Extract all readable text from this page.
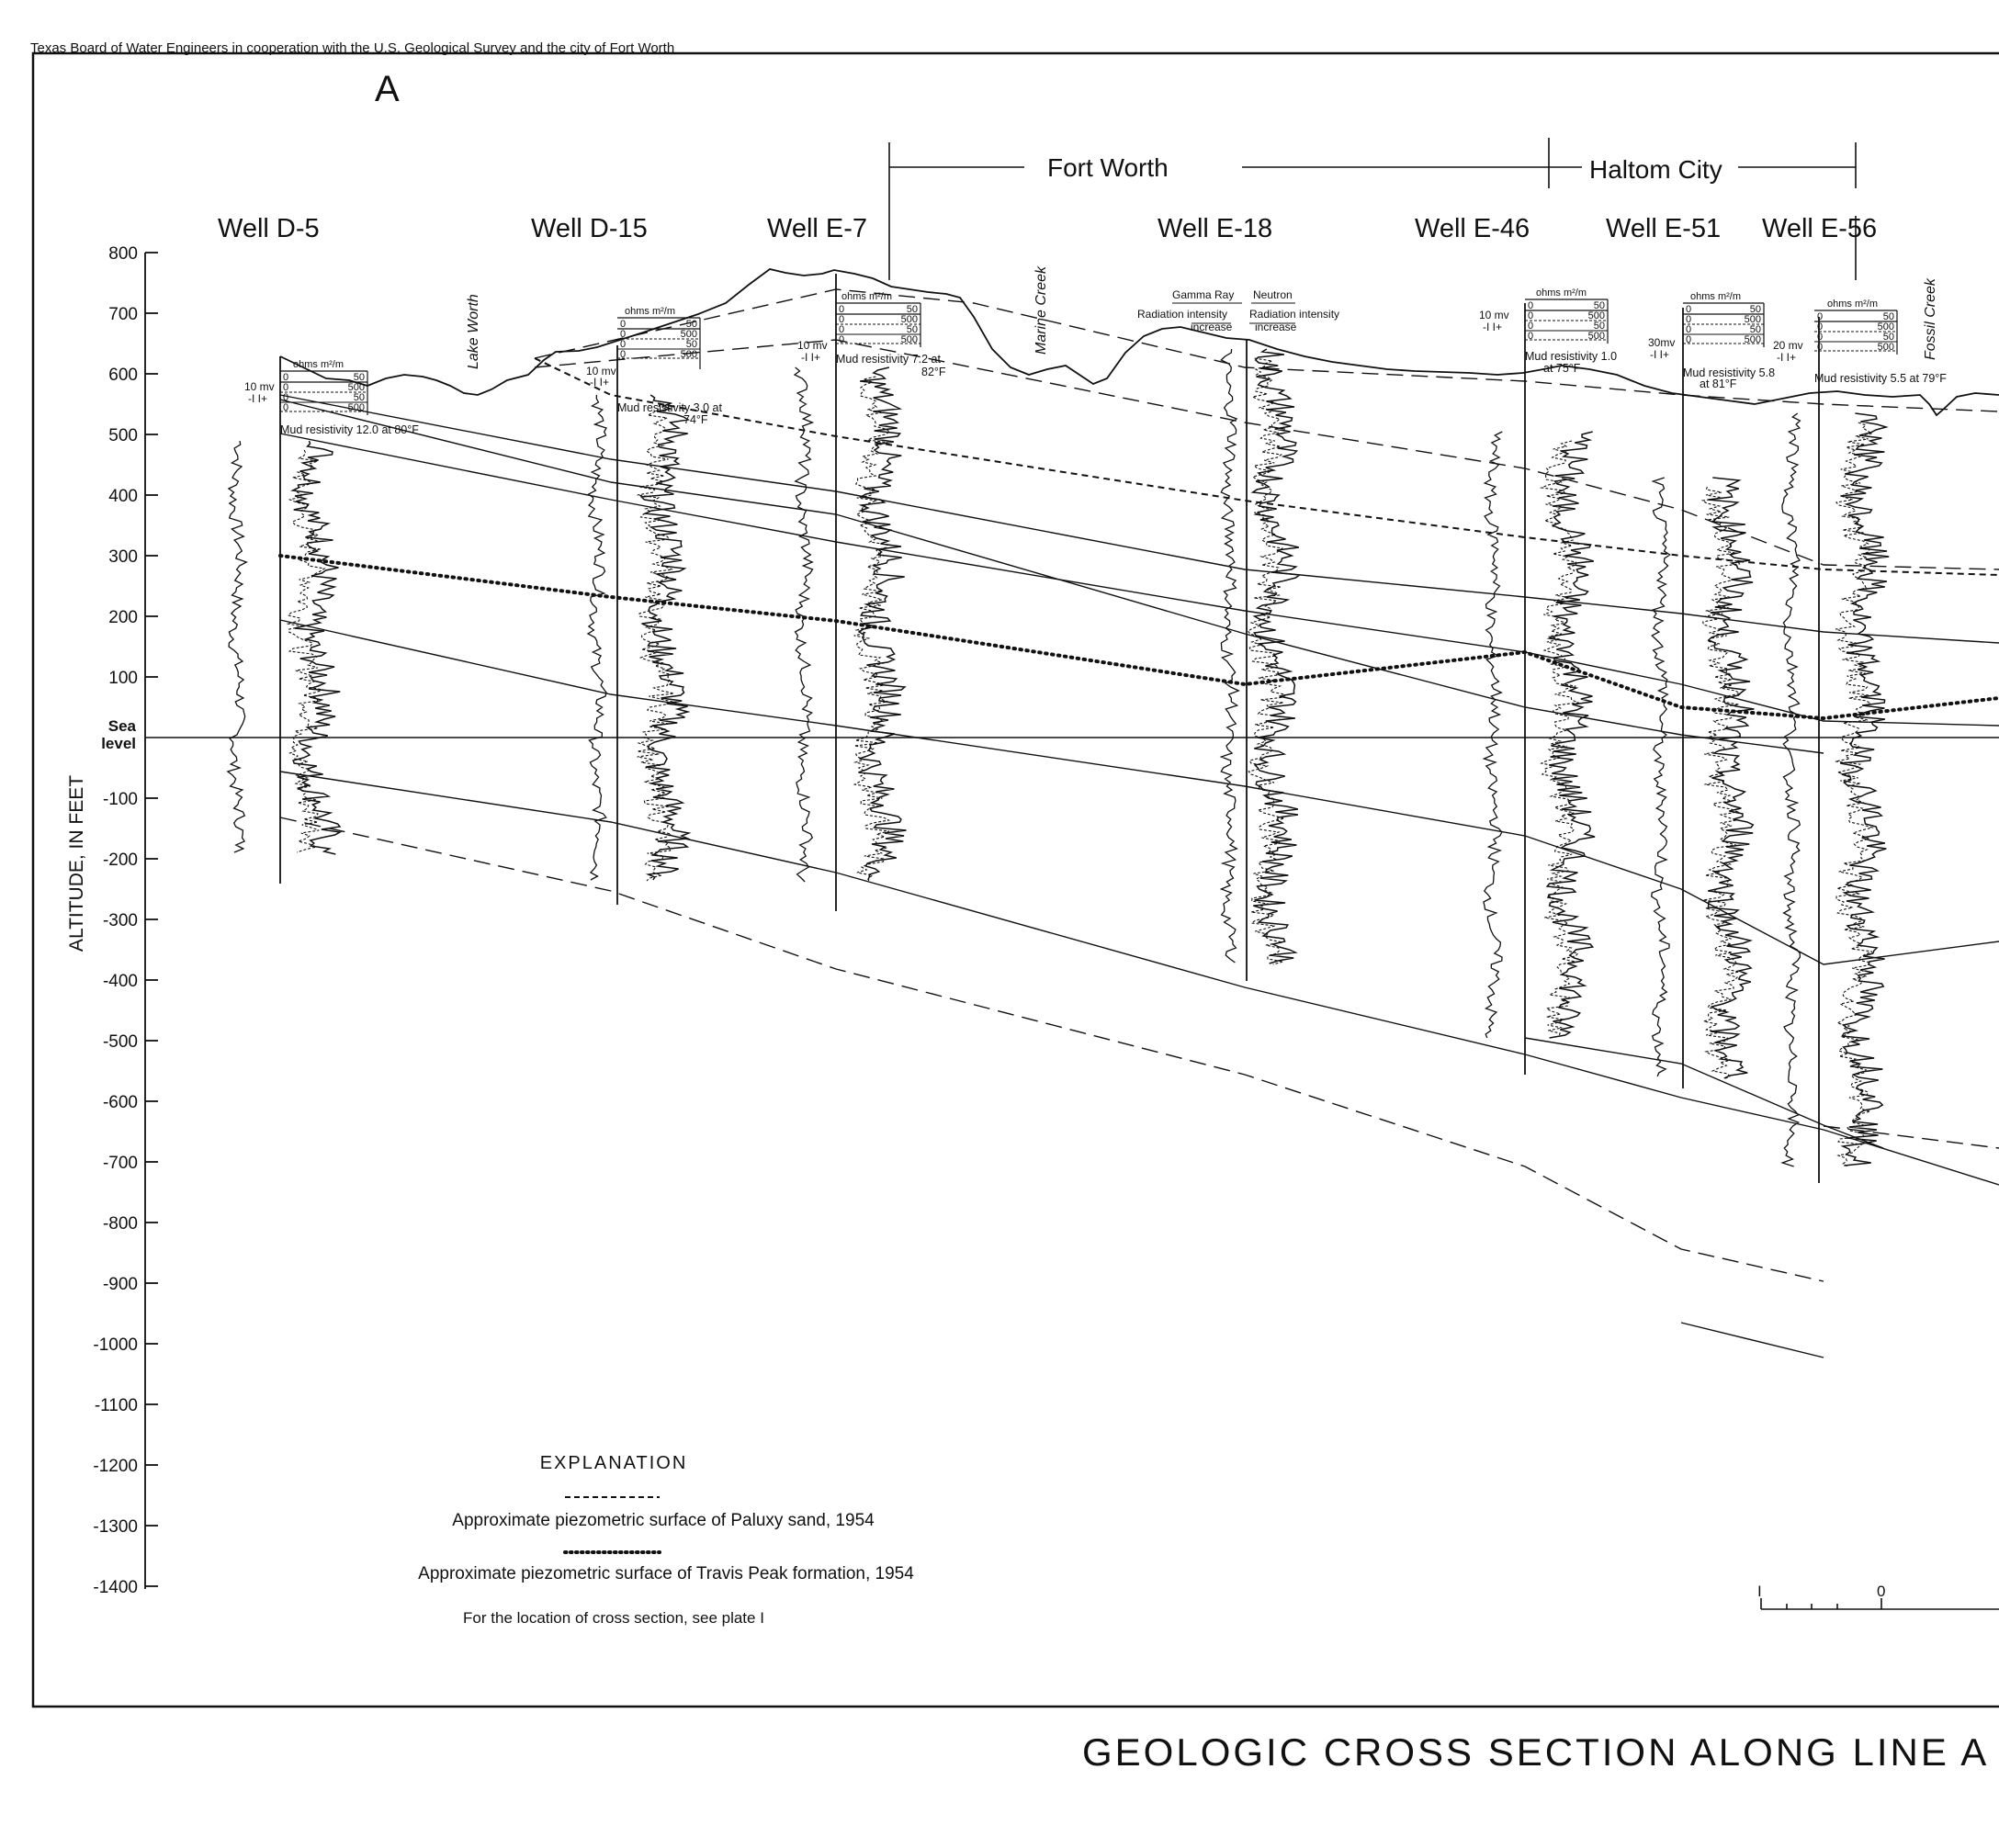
Texas Board of Water Engineers in cooperation with the U.S. Geological Survey and the city of Fort Worth
A
Fort Worth	Haltom City
Well D-5	Well D-15	Well E-7	Well E-18	Well E-46	Well E-51 Well E-56
800
700
600
500
400
300
200
100
-100
-200
-300
-400
-500
-600
-700
-800
-900
-1000
-1100
-1200
-1300
-1400
Sea
level
ALTITUDE, IN FEET
ohms m²/m
0	50
0	500
0	50
0	500
ohms m²/m
0	50
0	500
0	50
0	500
ohms m²/m
0	50
0	500
0	50
0	500
ohms m²/m
0	50
0	500
0	50
0	500
ohms m²/m
0	50
0	500
0	50
0	500
ohms m²/m
0	50
0	500
0	50
0	500
10 mv
-I I+
10 mv
-I I+
10 mv
-I I+
10 mv
-I I+
30mv
-I I+
20 mv
-I I+
Mud resistivity 12.0 at 80°F
Mud resistivity 3.0 at
74°F
Mud resistivity 7.2 at
82°F
Mud resistivity 1.0
at 75°F	Mud resistivity 5.8
at 81°F	Mud resistivity 5.5 at 79°F
Gamma Ray
Radiation intensity
increase
Neutron
Radiation intensity
increase
Lake Worth	Marine Creek	Fossil Creek
EXPLANATION
Approximate piezometric surface of Paluxy sand, 1954
Approximate piezometric surface of Travis Peak formation, 1954
For the location of cross section, see plate I
I	0
GEOLOGIC CROSS SECTION ALONG LINE A
